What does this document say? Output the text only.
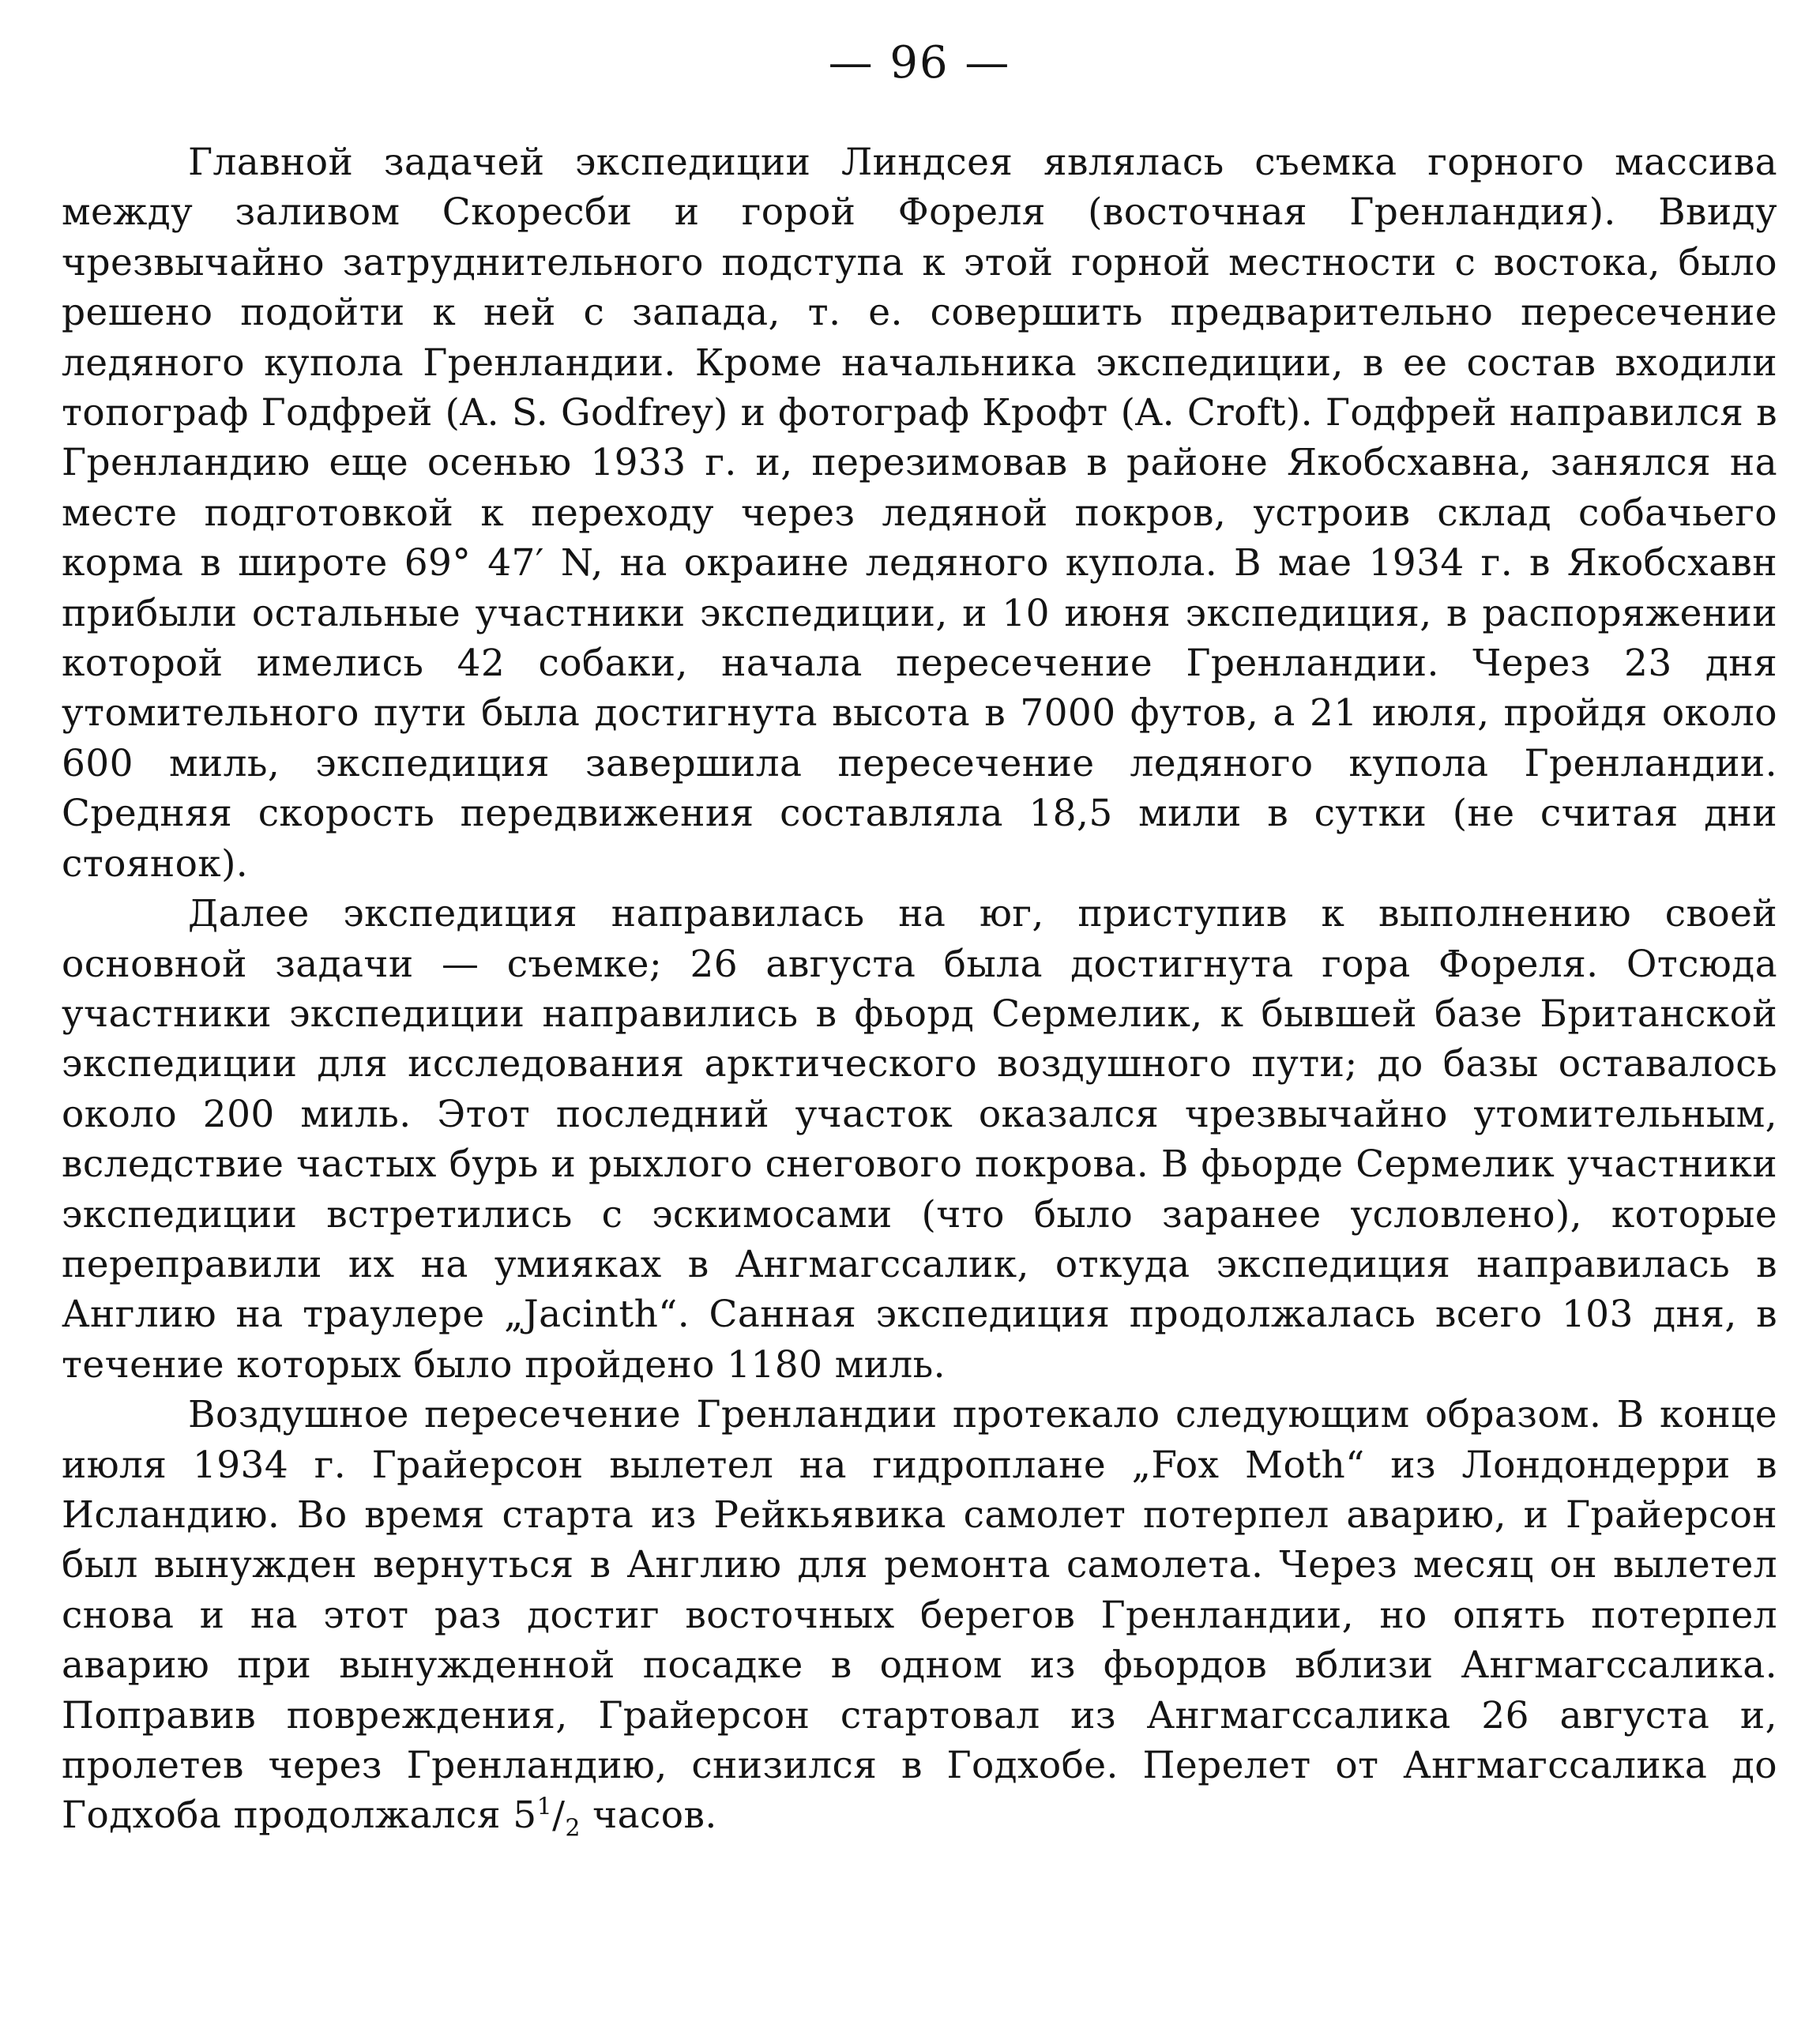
— 96 —

Главной задачей экспедиции Линдсея являлась съемка горного массива между заливом Скоресби и горой Фореля (восточная Гренландия). Ввиду чрезвычайно затруднительного подступа к этой горной местности с востока, было решено подойти к ней с запада, т. е. совершить предварительно пересечение ледяного купола Гренландии. Кроме начальника экспедиции, в ее состав входили топограф Годфрей (A. S. Godfrey) и фотограф Крофт (A. Croft). Годфрей направился в Гренландию еще осенью 1933 г. и, перезимовав в районе Якобсхавна, занялся на месте подготовкой к переходу через ледяной покров, устроив склад собачьего корма в широте 69° 47′ N, на окраине ледяного купола. В мае 1934 г. в Якобсхавн прибыли остальные участники экспедиции, и 10 июня экспедиция, в распоряжении которой имелись 42 собаки, начала пересечение Гренландии. Через 23 дня утомительного пути была достигнута высота в 7000 футов, а 21 июля, пройдя около 600 миль, экспедиция завершила пересечение ледяного купола Гренландии. Средняя скорость передвижения составляла 18,5 мили в сутки (не считая дни стоянок).

Далее экспедиция направилась на юг, приступив к выполнению своей основной задачи — съемке; 26 августа была достигнута гора Фореля. Отсюда участники экспедиции направились в фьорд Сермелик, к бывшей базе Британской экспедиции для исследования арктического воздушного пути; до базы оставалось около 200 миль. Этот последний участок оказался чрезвычайно утомительным, вследствие частых бурь и рыхлого снегового покрова. В фьорде Сермелик участники экспедиции встретились с эскимосами (что было заранее условлено), которые переправили их на умияках в Ангмагссалик, откуда экспедиция направилась в Англию на траулере „Jacinth“. Санная экспедиция продолжалась всего 103 дня, в течение которых было пройдено 1180 миль.

Воздушное пересечение Гренландии протекало следующим образом. В конце июля 1934 г. Грайерсон вылетел на гидроплане „Fox Moth“ из Лондондерри в Исландию. Во время старта из Рейкьявика самолет потерпел аварию, и Грайерсон был вынужден вернуться в Англию для ремонта самолета. Через месяц он вылетел снова и на этот раз достиг восточных берегов Гренландии, но опять потерпел аварию при вынужденной посадке в одном из фьордов вблизи Ангмагссалика. Поправив повреждения, Грайерсон стартовал из Ангмагссалика 26 августа и, пролетев через Гренландию, снизился в Годхобе. Перелет от Ангмагссалика до Годхоба продолжался $5^1/_2$ часов.
